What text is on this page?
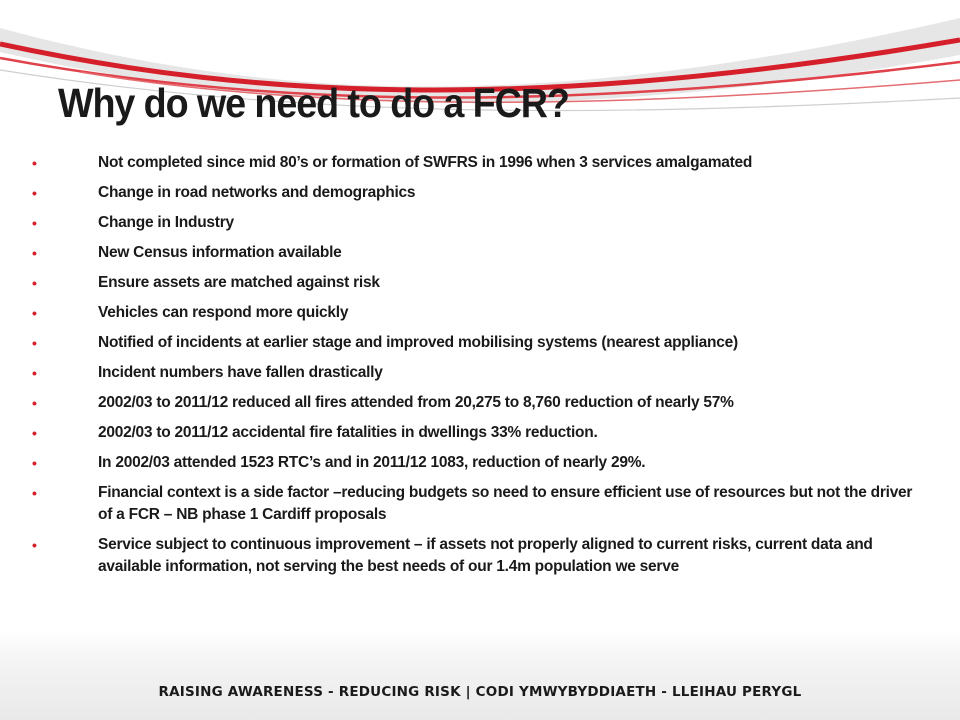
Why do we need to do a FCR?
•	Not completed since mid 80’s or formation of SWFRS in 1996 when 3 services amalgamated
•	Change in road networks and demographics
•	Change in Industry
•	New Census information available
•	Ensure assets are matched against risk
•	Vehicles can respond more quickly
•	Notified of incidents at earlier stage and improved mobilising systems (nearest appliance)
•	Incident numbers have fallen drastically
•	2002/03 to 2011/12 reduced all fires attended from 20,275 to 8,760 reduction of nearly 57%
•	2002/03 to 2011/12 accidental fire fatalities in dwellings 33% reduction.
•	In 2002/03 attended 1523 RTC’s and in 2011/12 1083, reduction of nearly 29%.
•	Financial context is a side factor –reducing budgets so need to ensure efficient use of resources but not the driver of a FCR – NB phase 1 Cardiff proposals
•	Service subject to continuous improvement – if assets not properly aligned to current risks, current data and available information, not serving the best needs of our 1.4m population we serve
RAISING AWARENESS - REDUCING RISK | CODI YMWYBYDDIAETH - LLEIHAU PERYGL
